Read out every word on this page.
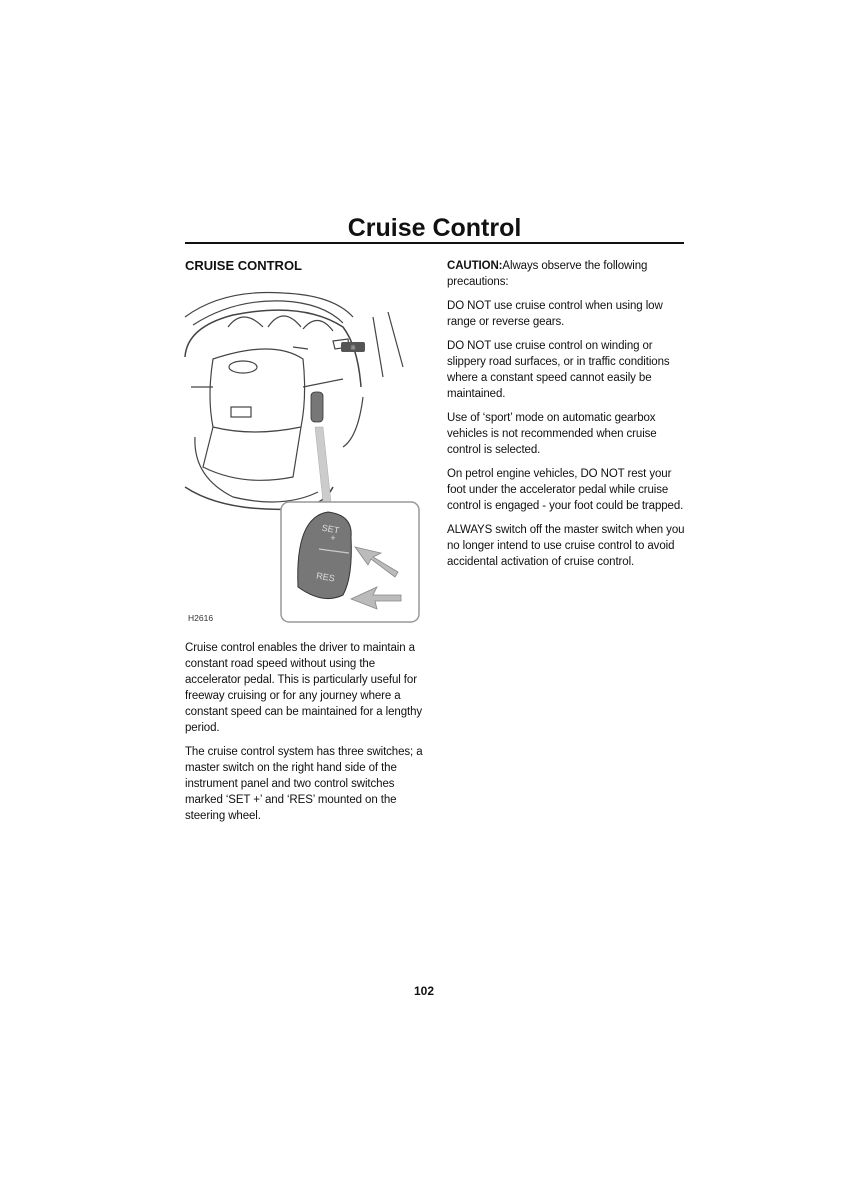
Cruise Control
CRUISE CONTROL
☼
SET
+
RES
H2616

Cruise control enables the driver to maintain a constant road speed without using the accelerator pedal. This is particularly useful for freeway cruising or for any journey where a constant speed can be maintained for a lengthy period.

The cruise control system has three switches; a master switch on the right hand side of the instrument panel and two control switches marked ‘SET +’ and ‘RES’ mounted on the steering wheel.

CAUTION:Always observe the following precautions:

DO NOT use cruise control when using low range or reverse gears.

DO NOT use cruise control on winding or slippery road surfaces, or in traffic conditions where a constant speed cannot easily be maintained.

Use of ‘sport’ mode on automatic gearbox vehicles is not recommended when cruise control is selected.

On petrol engine vehicles, DO NOT rest your foot under the accelerator pedal while cruise control is engaged - your foot could be trapped.

ALWAYS switch off the master switch when you no longer intend to use cruise control to avoid accidental activation of cruise control.

102
